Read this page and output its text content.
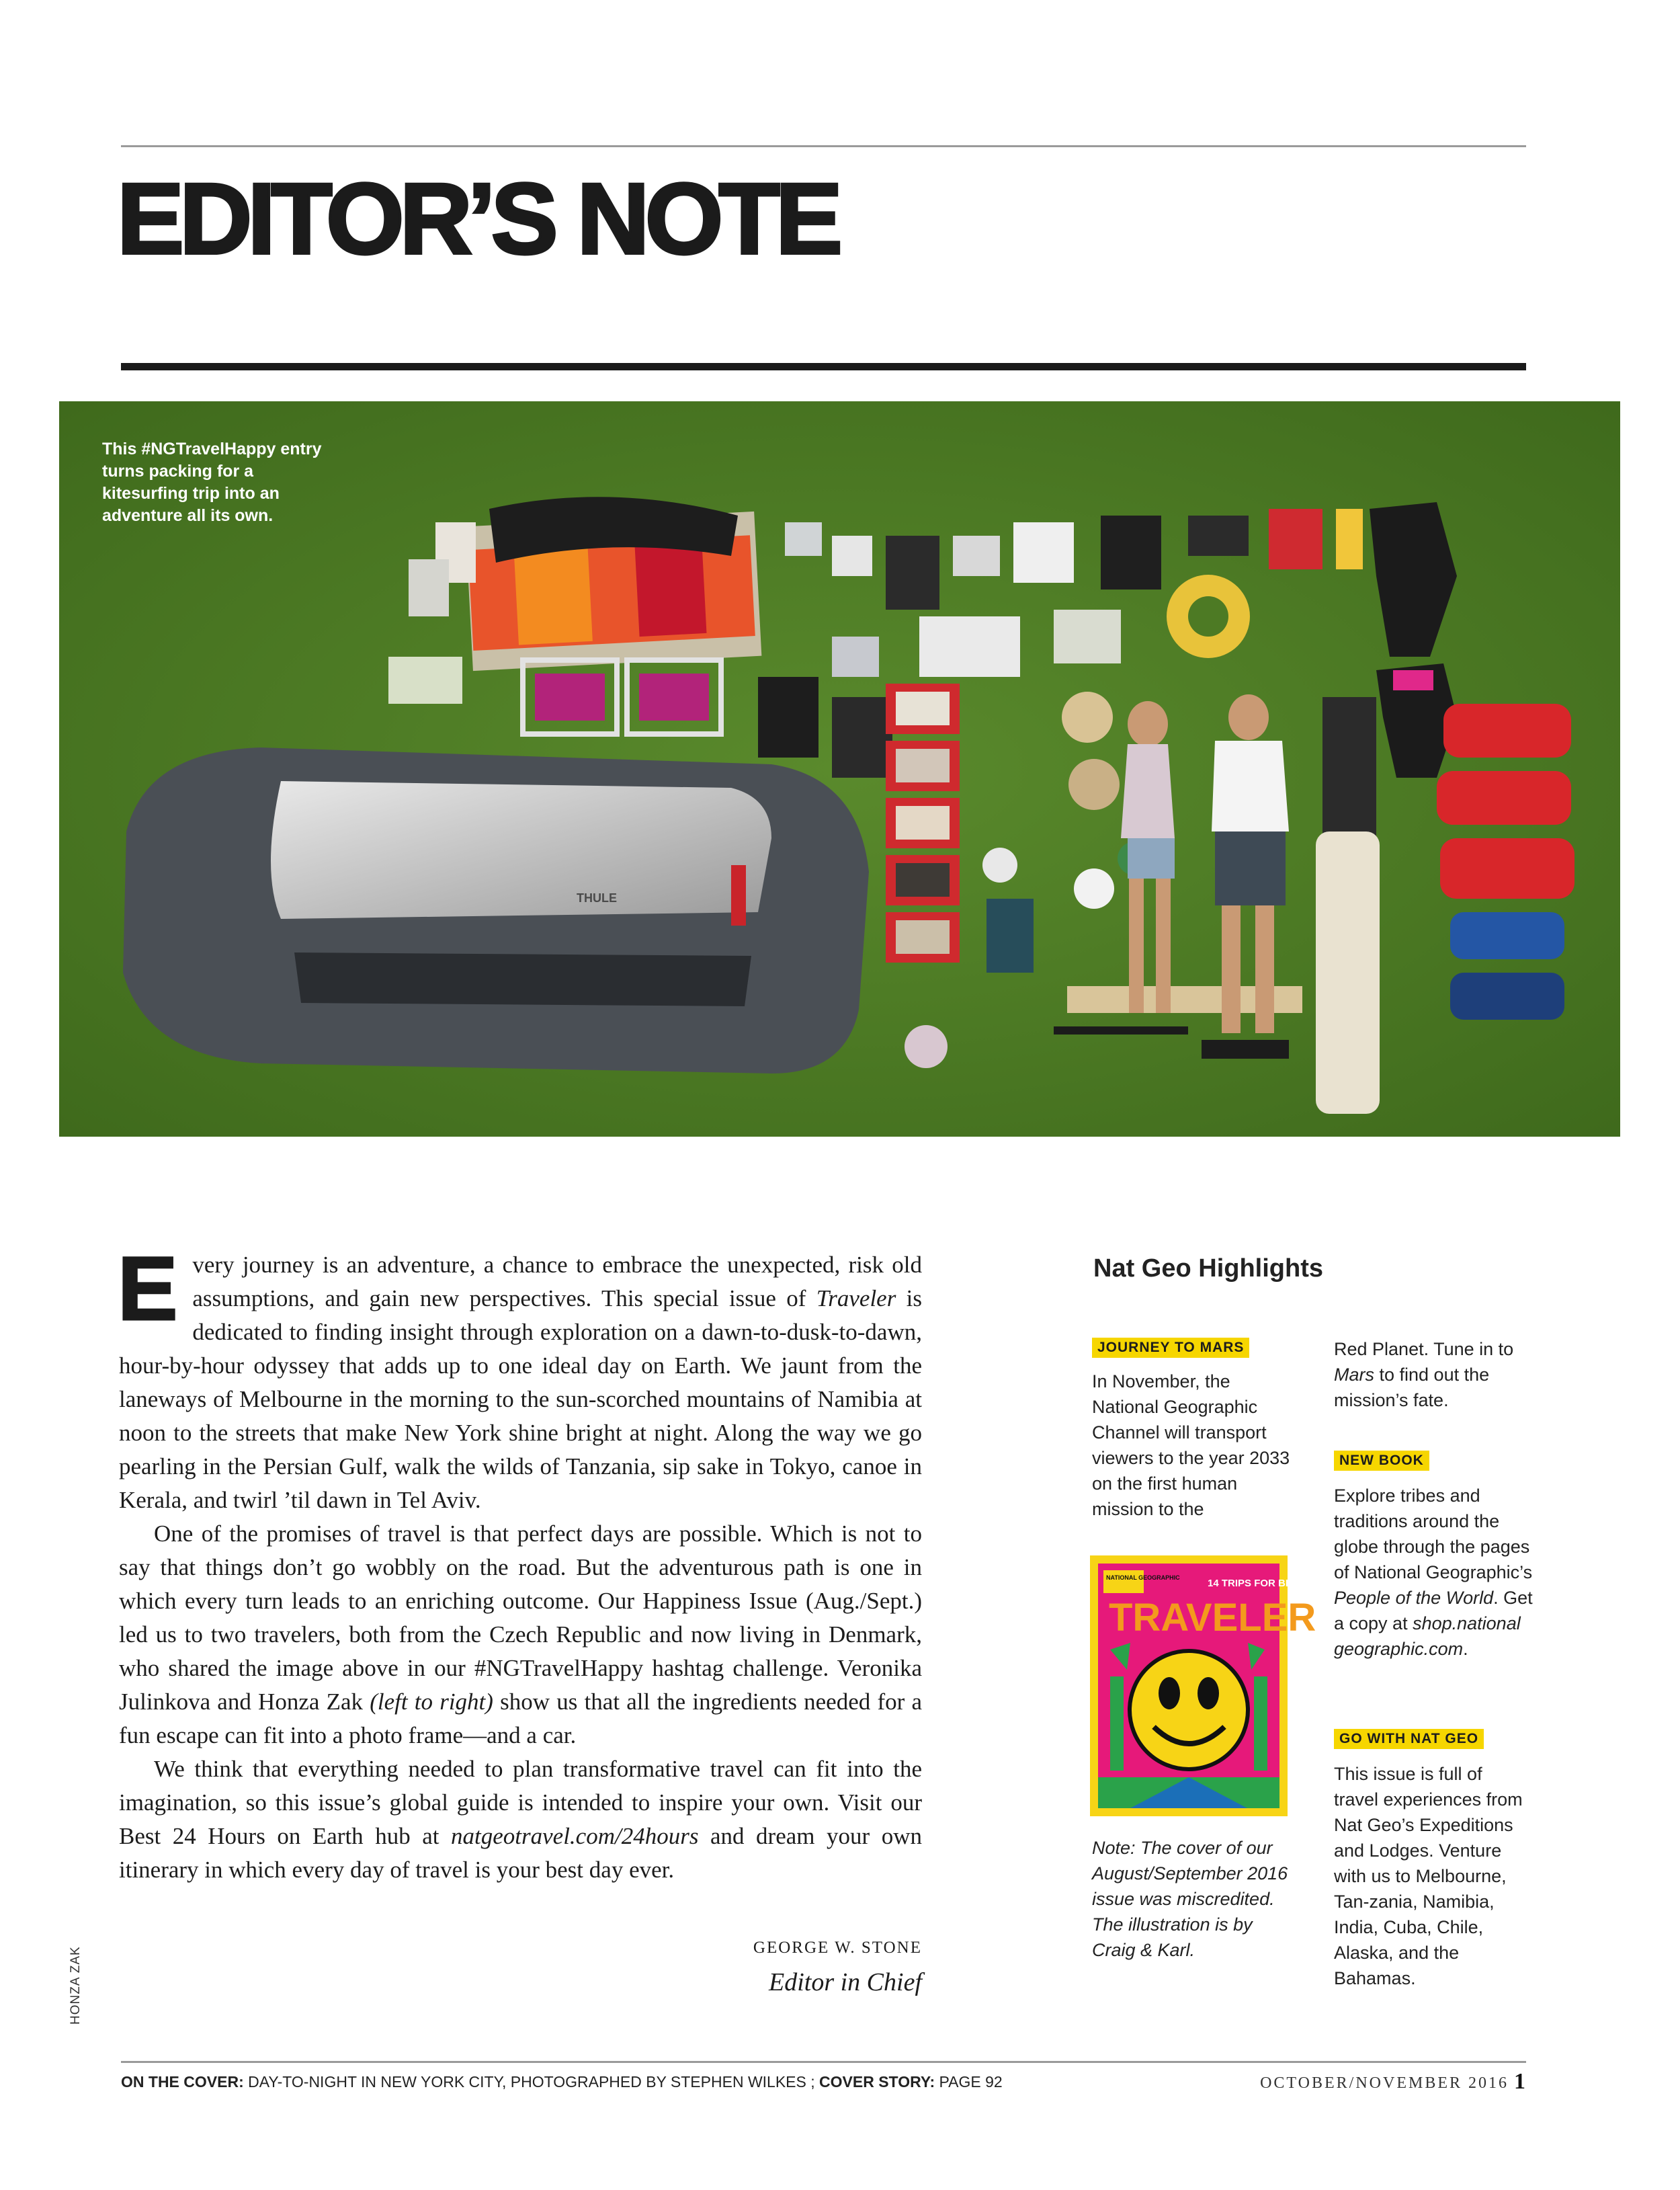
EDITOR’S NOTE
THULE
This #NGTravelHappy entry turns packing for a kitesurfing trip into an adventure all its own.

Every journey is an adventure, a chance to embrace the unexpected, risk old assumptions, and gain new perspectives. This special issue of Traveler is dedicated to finding insight through exploration on a dawn-to-dusk-to-dawn, hour-by-hour odyssey that adds up to one ideal day on Earth. We jaunt from the laneways of Melbourne in the morning to the sun-scorched mountains of Namibia at noon to the streets that make New York shine bright at night. Along the way we go pearling in the Persian Gulf, walk the wilds of Tanzania, sip sake in Tokyo, canoe in Kerala, and twirl ’til dawn in Tel Aviv.

One of the promises of travel is that perfect days are possible. Which is not to say that things don’t go wobbly on the road. But the adventurous path is one in which every turn leads to an enriching outcome. Our Happiness Issue (Aug./Sept.) led us to two travelers, both from the Czech Republic and now living in Denmark, who shared the image above in our #NGTravelHappy hashtag challenge. Veronika Julinkova and Honza Zak (left to right) show us that all the ingredients needed for a fun escape can fit into a photo frame—and a car.

We think that everything needed to plan transformative travel can fit into the imagination, so this issue’s global guide is intended to inspire your own. Visit our Best 24 Hours on Earth hub at natgeotravel.com/24hours and dream your own itinerary in which every day of travel is your best day ever.

GEORGE W. STONE
Editor in Chief
HONZA ZAK
Nat Geo Highlights
JOURNEY TO MARS
In November, the National Geographic Channel will transport viewers to the year 2033 on the first human mission to the
Red Planet. Tune in to Mars to find out the mission’s fate.
NEW BOOK
Explore tribes and traditions around the globe through the pages of National Geographic’s People of the World. Get a copy at shop.national geographic.com.
GO WITH NAT GEO
This issue is full of travel experiences from Nat Geo’s Expeditions and Lodges. Venture with us to Melbourne, Tan-zania, Namibia, India, Cuba, Chile, Alaska, and the Bahamas.
NATIONAL GEOGRAPHIC	14 TRIPS FOR BLISS
TRAVELER
Note: The cover of our August/September 2016 issue was miscredited.
The illustration is by Craig & Karl.
ON THE COVER: DAY-TO-NIGHT IN NEW YORK CITY, PHOTOGRAPHED BY STEPHEN WILKES ; COVER STORY: PAGE 92	OCTOBER/NOVEMBER 2016 1
